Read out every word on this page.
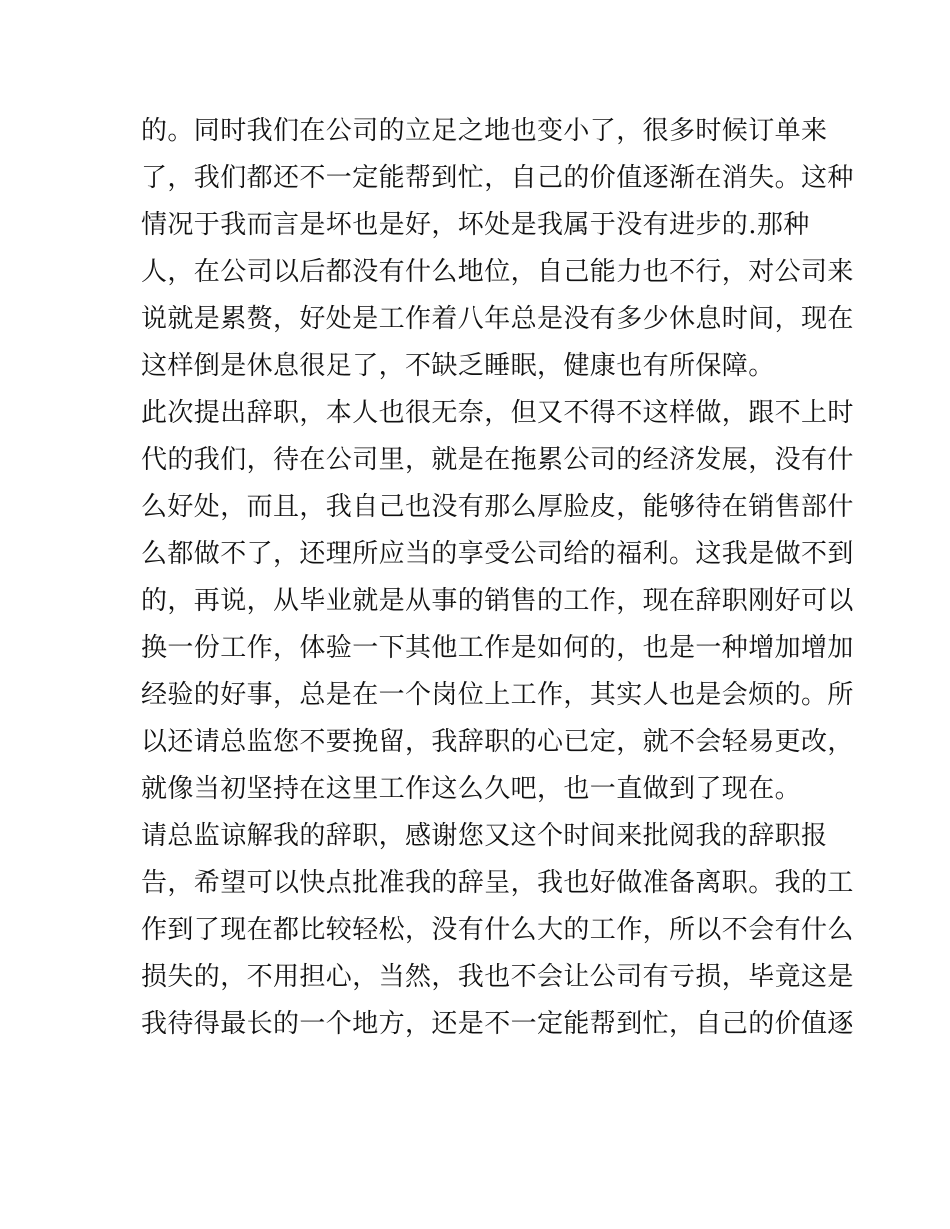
的。同时我们在公司的立足之地也变小了，很多时候订单来
了，我们都还不一定能帮到忙，自己的价值逐渐在消失。这种
情况于我而言是坏也是好，坏处是我属于没有进步的.那种
人，在公司以后都没有什么地位，自己能力也不行，对公司来
说就是累赘，好处是工作着八年总是没有多少休息时间，现在
这样倒是休息很足了，不缺乏睡眠，健康也有所保障。
此次提出辞职，本人也很无奈，但又不得不这样做，跟不上时
代的我们，待在公司里，就是在拖累公司的经济发展，没有什
么好处，而且，我自己也没有那么厚脸皮，能够待在销售部什
么都做不了，还理所应当的享受公司给的福利。这我是做不到
的，再说，从毕业就是从事的销售的工作，现在辞职刚好可以
换一份工作，体验一下其他工作是如何的，也是一种增加增加
经验的好事，总是在一个岗位上工作，其实人也是会烦的。所
以还请总监您不要挽留，我辞职的心已定，就不会轻易更改，
就像当初坚持在这里工作这么久吧，也一直做到了现在。
请总监谅解我的辞职，感谢您又这个时间来批阅我的辞职报
告，希望可以快点批准我的辞呈，我也好做准备离职。我的工
作到了现在都比较轻松，没有什么大的工作，所以不会有什么
损失的，不用担心，当然，我也不会让公司有亏损，毕竟这是
我待得最长的一个地方，还是不一定能帮到忙，自己的价值逐
